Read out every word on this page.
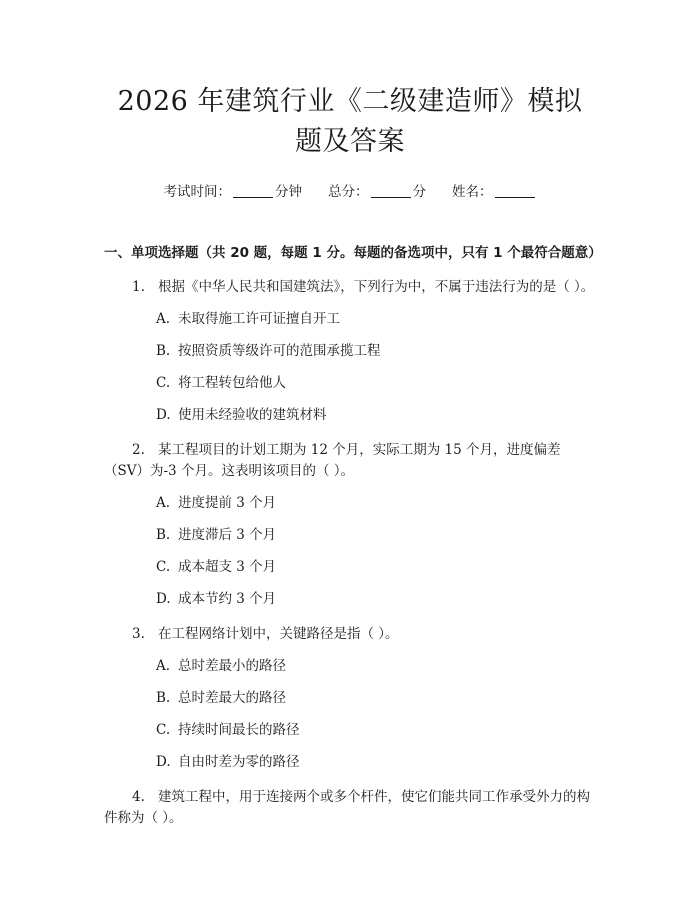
2026 年建筑行业《二级建造师》模拟题及答案
考试时间：	分钟 总分：	分 姓名：
一、单项选择题（共 20 题，每题 1 分。每题的备选项中，只有 1 个最符合题意）
1. 根据《中华人民共和国建筑法》，下列行为中，不属于违法行为的是（ ）。
A. 未取得施工许可证擅自开工
B. 按照资质等级许可的范围承揽工程
C. 将工程转包给他人
D. 使用未经验收的建筑材料
2. 某工程项目的计划工期为 12 个月，实际工期为 15 个月，进度偏差（SV）为-3 个月。这表明该项目的（ ）。
A. 进度提前 3 个月
B. 进度滞后 3 个月
C. 成本超支 3 个月
D. 成本节约 3 个月
3. 在工程网络计划中，关键路径是指（ ）。
A. 总时差最小的路径
B. 总时差最大的路径
C. 持续时间最长的路径
D. 自由时差为零的路径
4. 建筑工程中，用于连接两个或多个杆件，使它们能共同工作承受外力的构件称为（ ）。
